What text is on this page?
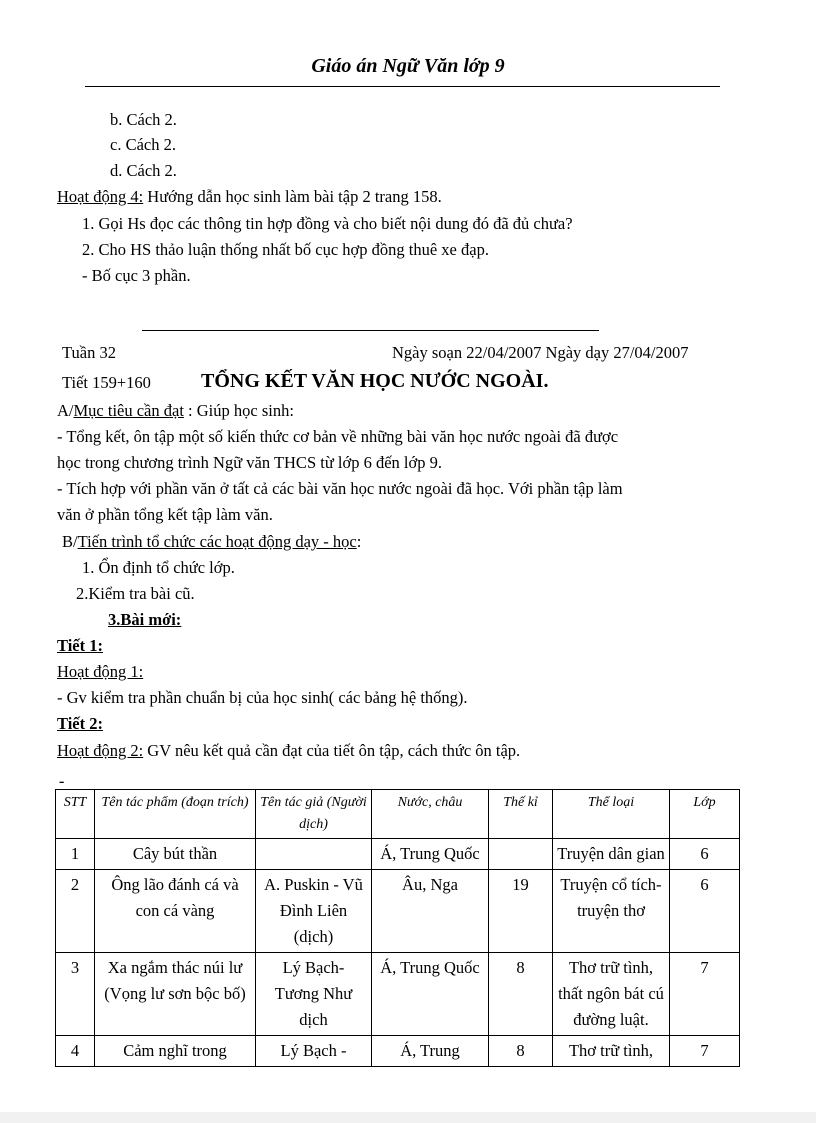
Giáo án Ngữ Văn lớp 9
b. Cách 2.
c. Cách 2.
d. Cách 2.
Hoạt động 4: Hướng dẫn học sinh làm bài tập 2 trang 158.
1. Gọi Hs đọc các thông tin hợp đồng và cho biết nội dung đó đã đủ chưa?
2. Cho HS thảo luận thống nhất bố cục hợp đồng thuê xe đạp.
- Bố cục 3 phần.
Tuần 32	Ngày soạn 22/04/2007 Ngày dạy 27/04/2007
Tiết 159+160	TỔNG KẾT VĂN HỌC NƯỚC NGOÀI.
A/Mục tiêu cần đạt : Giúp học sinh:
- Tổng kết, ôn tập một số kiến thức cơ bản về những bài văn học nước ngoài đã được
học trong chương trình Ngữ văn THCS từ lớp 6 đến lớp 9.
- Tích hợp với phần văn ở tất cả các bài văn học nước ngoài đã học. Với phần tập làm
văn ở phần tổng kết tập làm văn.
B/Tiến trình tổ chức các hoạt động dạy - học:
1. Ổn định tổ chức lớp.
2.Kiểm tra bài cũ.
3.Bài mới:
Tiết 1:
Hoạt động 1:
- Gv kiểm tra phần chuẩn bị của học sinh( các bảng hệ thống).
Tiết 2:
Hoạt động 2: GV nêu kết quả cần đạt của tiết ôn tập, cách thức ôn tập.
-
STT	Tên tác phẩm (đoạn trích)	Tên tác giả (Người dịch)	Nước, châu	Thế kỉ	Thể loại	Lớp
1	Cây bút thần		Á, Trung Quốc		Truyện dân gian	6
2	Ông lão đánh cá và con cá vàng	A. Puskin - Vũ Đình Liên (dịch)	Âu, Nga	19	Truyện cổ tích- truyện thơ	6
3	Xa ngắm thác núi lư (Vọng lư sơn bộc bố)	Lý Bạch- Tương Như dịch	Á, Trung Quốc	8	Thơ trữ tình, thất ngôn bát cú đường luật.	7
4	Cảm nghĩ trong	Lý Bạch -	Á, Trung	8	Thơ trữ tình,	7
